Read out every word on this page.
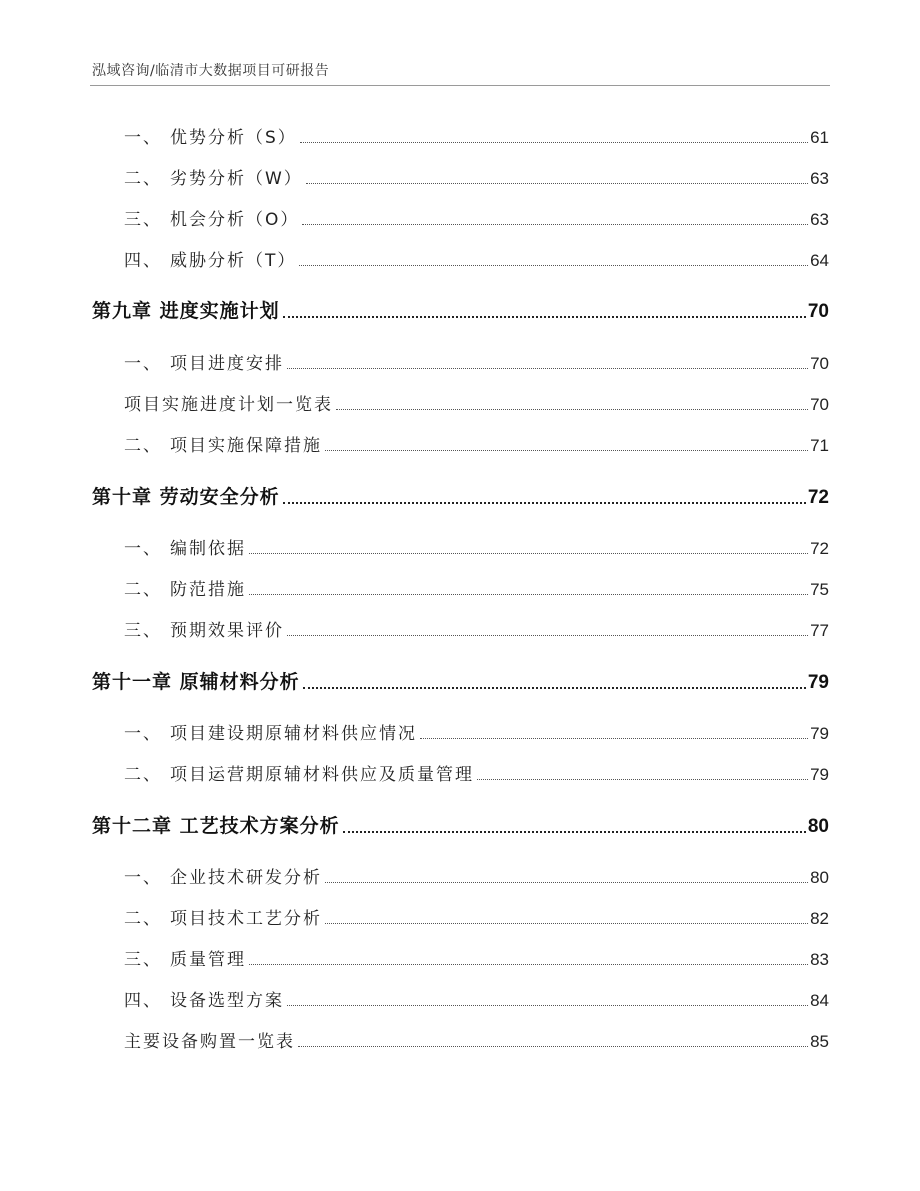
泓域咨询/临清市大数据项目可研报告
一、 优势分析（S）	61
二、 劣势分析（W）	63
三、 机会分析（O）	63
四、 威胁分析（T）	64
第九章 进度实施计划	70
一、 项目进度安排	70
项目实施进度计划一览表	70
二、 项目实施保障措施	71
第十章 劳动安全分析	72
一、 编制依据	72
二、 防范措施	75
三、 预期效果评价	77
第十一章 原辅材料分析	79
一、 项目建设期原辅材料供应情况	79
二、 项目运营期原辅材料供应及质量管理	79
第十二章 工艺技术方案分析	80
一、 企业技术研发分析	80
二、 项目技术工艺分析	82
三、 质量管理	83
四、 设备选型方案	84
主要设备购置一览表	85
